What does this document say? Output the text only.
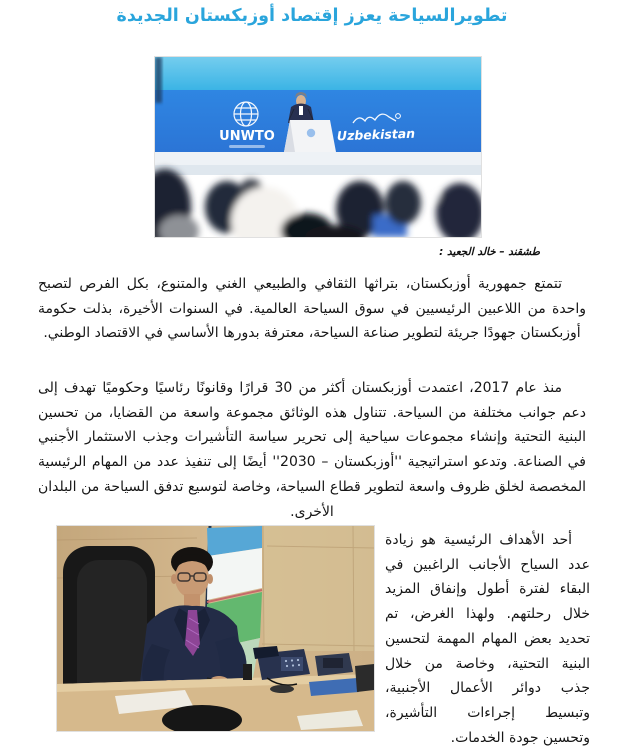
تطويرالسياحة يعزز إقتصاد أوزبكستان الجديدة
UNWTO	Uzbekistan
طشقند – خالد الجعيد :

تتمتع جمهورية أوزبكستان، بتراثها الثقافي والطبيعي الغني والمتنوع، بكل الفرص لتصبح واحدة من اللاعبين الرئيسيين في سوق السياحة العالمية. في السنوات الأخيرة، بذلت حكومة أوزبكستان جهودًا جريئة لتطوير صناعة السياحة، معترفة بدورها الأساسي في الاقتصاد الوطني.

منذ عام 2017، اعتمدت أوزبكستان أكثر من 30 قرارًا وقانونًا رئاسيًا وحكوميًا تهدف إلى دعم جوانب مختلفة من السياحة. تتناول هذه الوثائق مجموعة واسعة من القضايا، من تحسين البنية التحتية وإنشاء مجموعات سياحية إلى تحرير سياسة التأشيرات وجذب الاستثمار الأجنبي في الصناعة. وتدعو استراتيجية ''أوزبكستان – 2030'' أيضًا إلى تنفيذ عدد من المهام الرئيسية المخصصة لخلق ظروف واسعة لتطوير قطاع السياحة، وخاصة لتوسيع تدفق السياحة من البلدان الأخرى.

أحد الأهداف الرئيسية هو زيادة عدد السياح الأجانب الراغبين في البقاء لفترة أطول وإنفاق المزيد خلال رحلتهم. ولهذا الغرض، تم تحديد بعض المهام المهمة لتحسين البنية التحتية، وخاصة من خلال جذب دوائر الأعمال الأجنبية، وتبسيط إجراءات التأشيرة، وتحسين جودة الخدمات.
